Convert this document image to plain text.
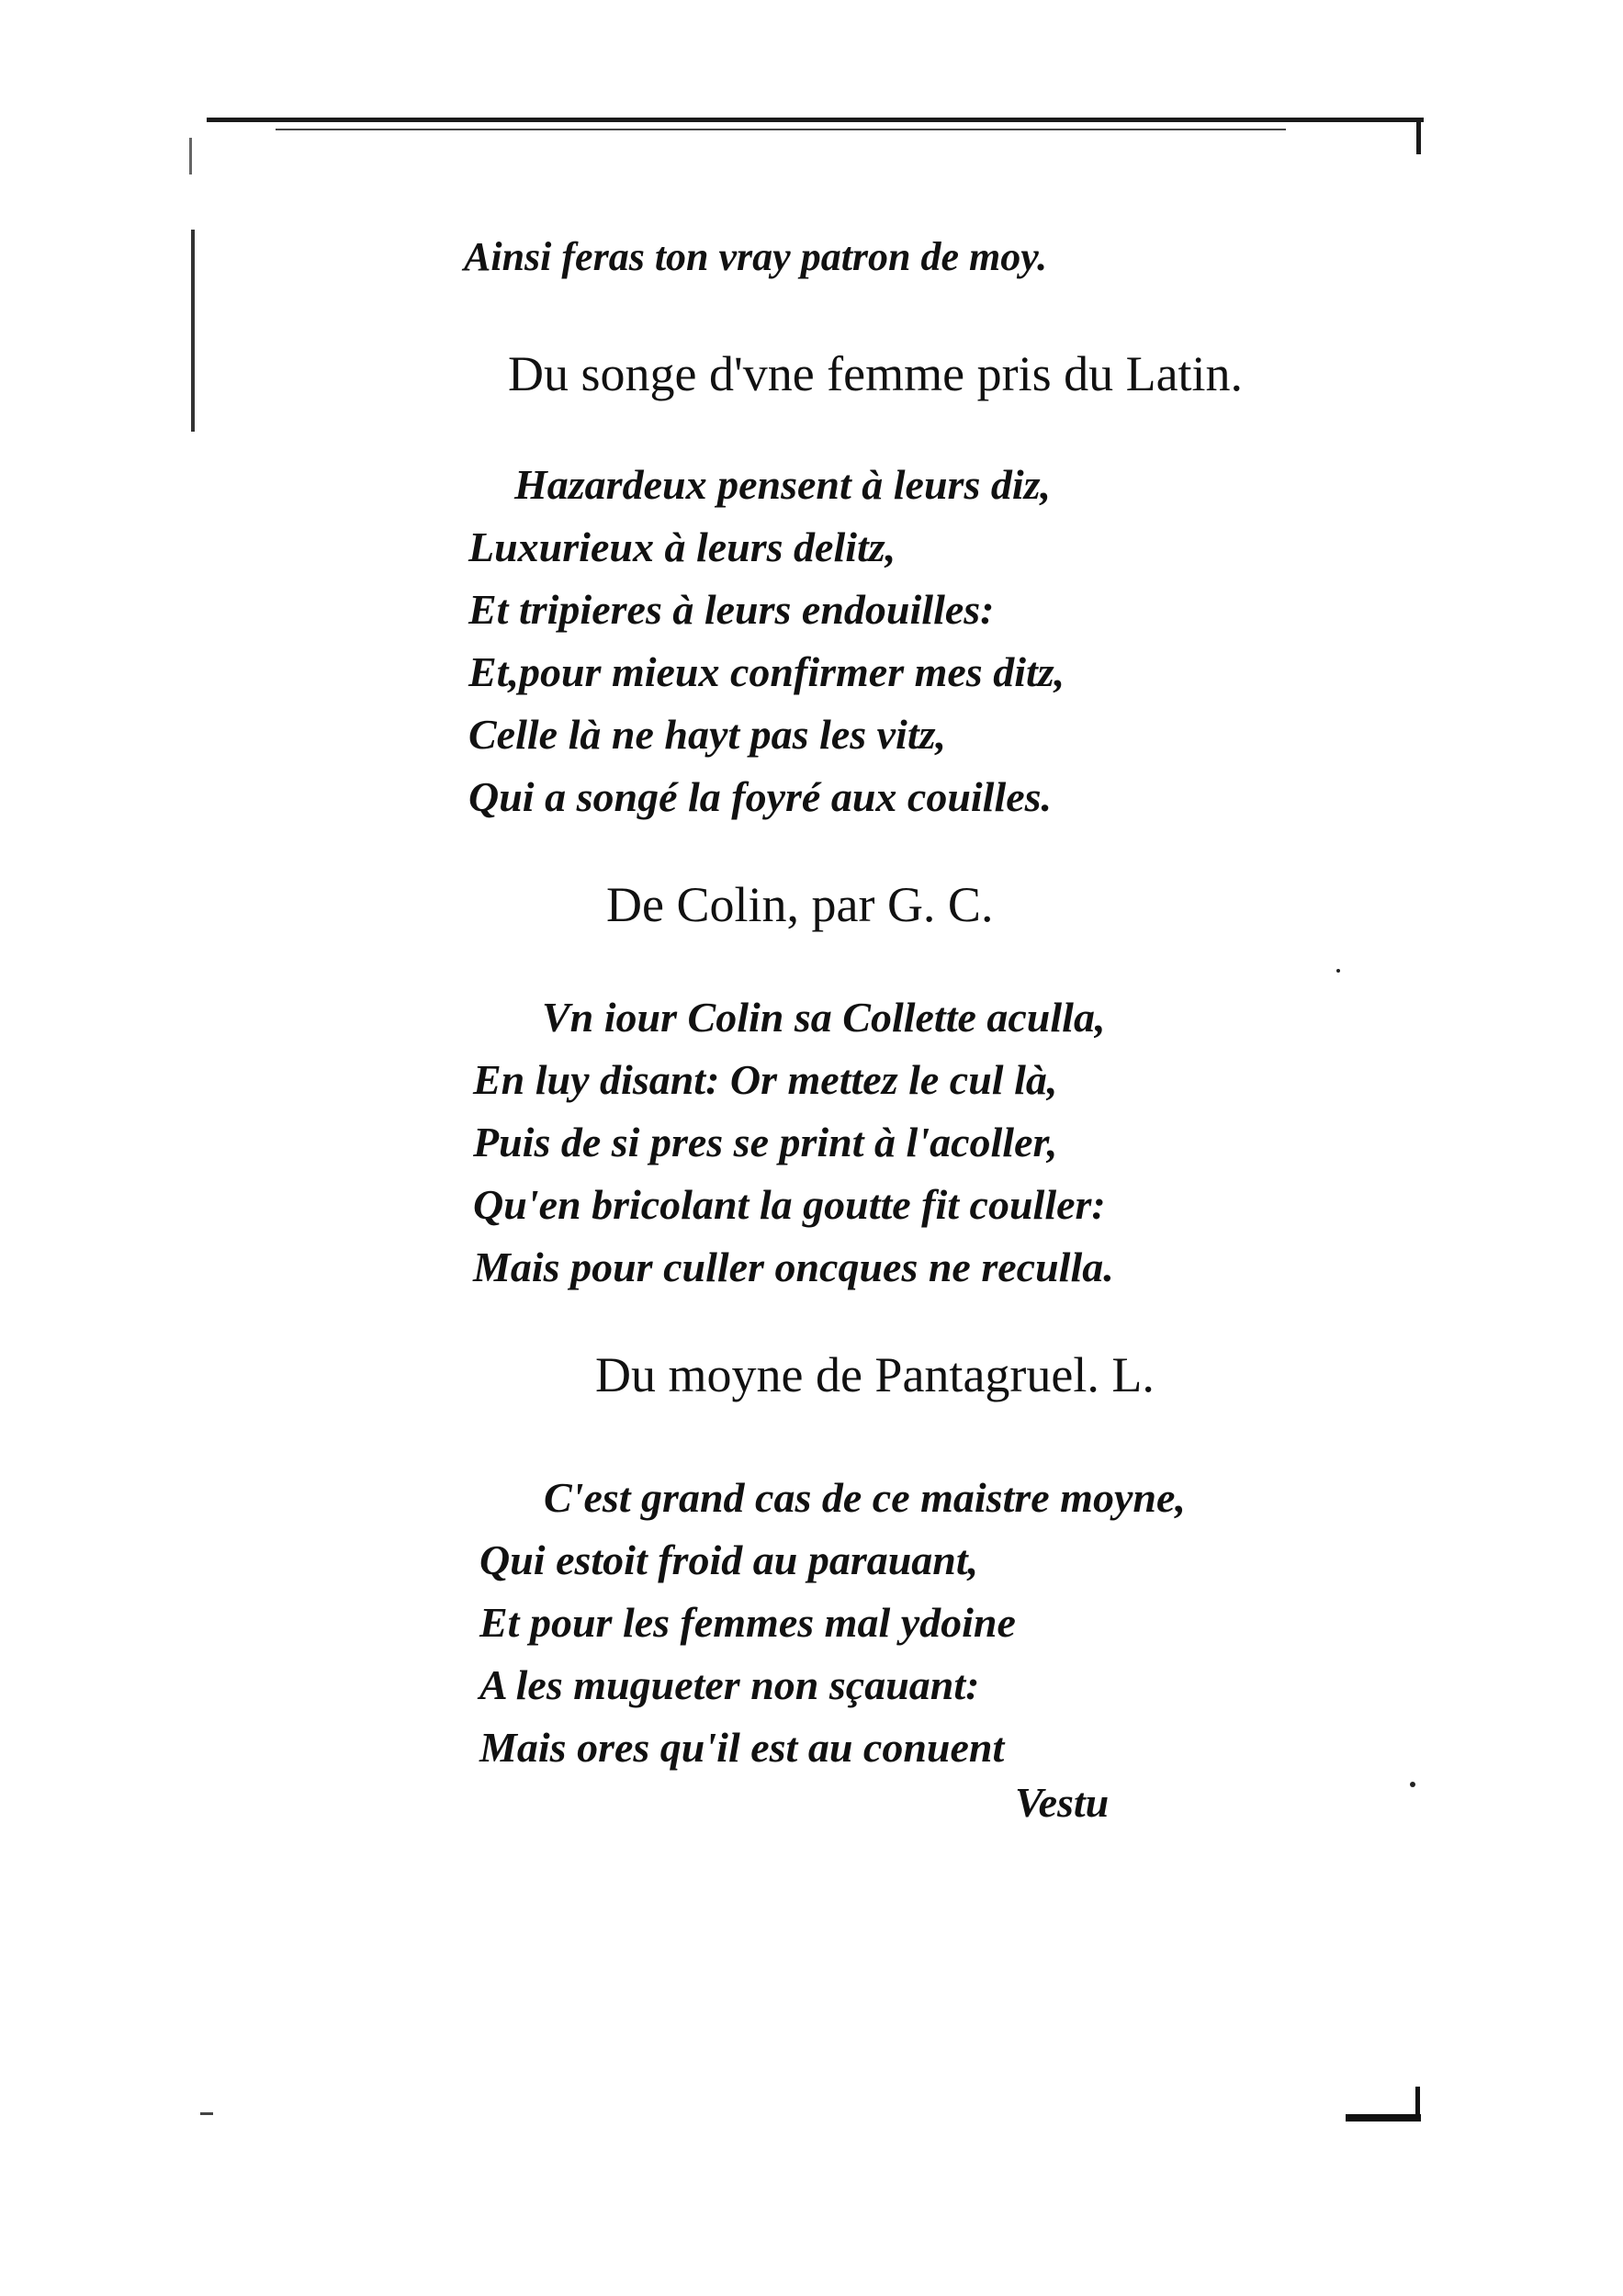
Ainsi feras ton vray patron de moy.
Du songe d'vne femme pris du Latin.
Hazardeux pensent à leurs diz,
Luxurieux à leurs delitz,
Et tripieres à leurs endouilles:
Et,pour mieux confirmer mes ditz,
Celle là ne hayt pas les vitz,
Qui a songé la foyré aux couilles.
De Colin, par G. C.
Vn iour Colin sa Collette aculla,
En luy disant: Or mettez le cul là,
Puis de si pres se print à l'acoller,
Qu'en bricolant la goutte fit couller:
Mais pour culler oncques ne reculla.
Du moyne de Pantagruel. L.
C'est grand cas de ce maistre moyne,
Qui estoit froid au parauant,
Et pour les femmes mal ydoine
A les mugueter non sçauant:
Mais ores qu'il est au conuent
Vestu
